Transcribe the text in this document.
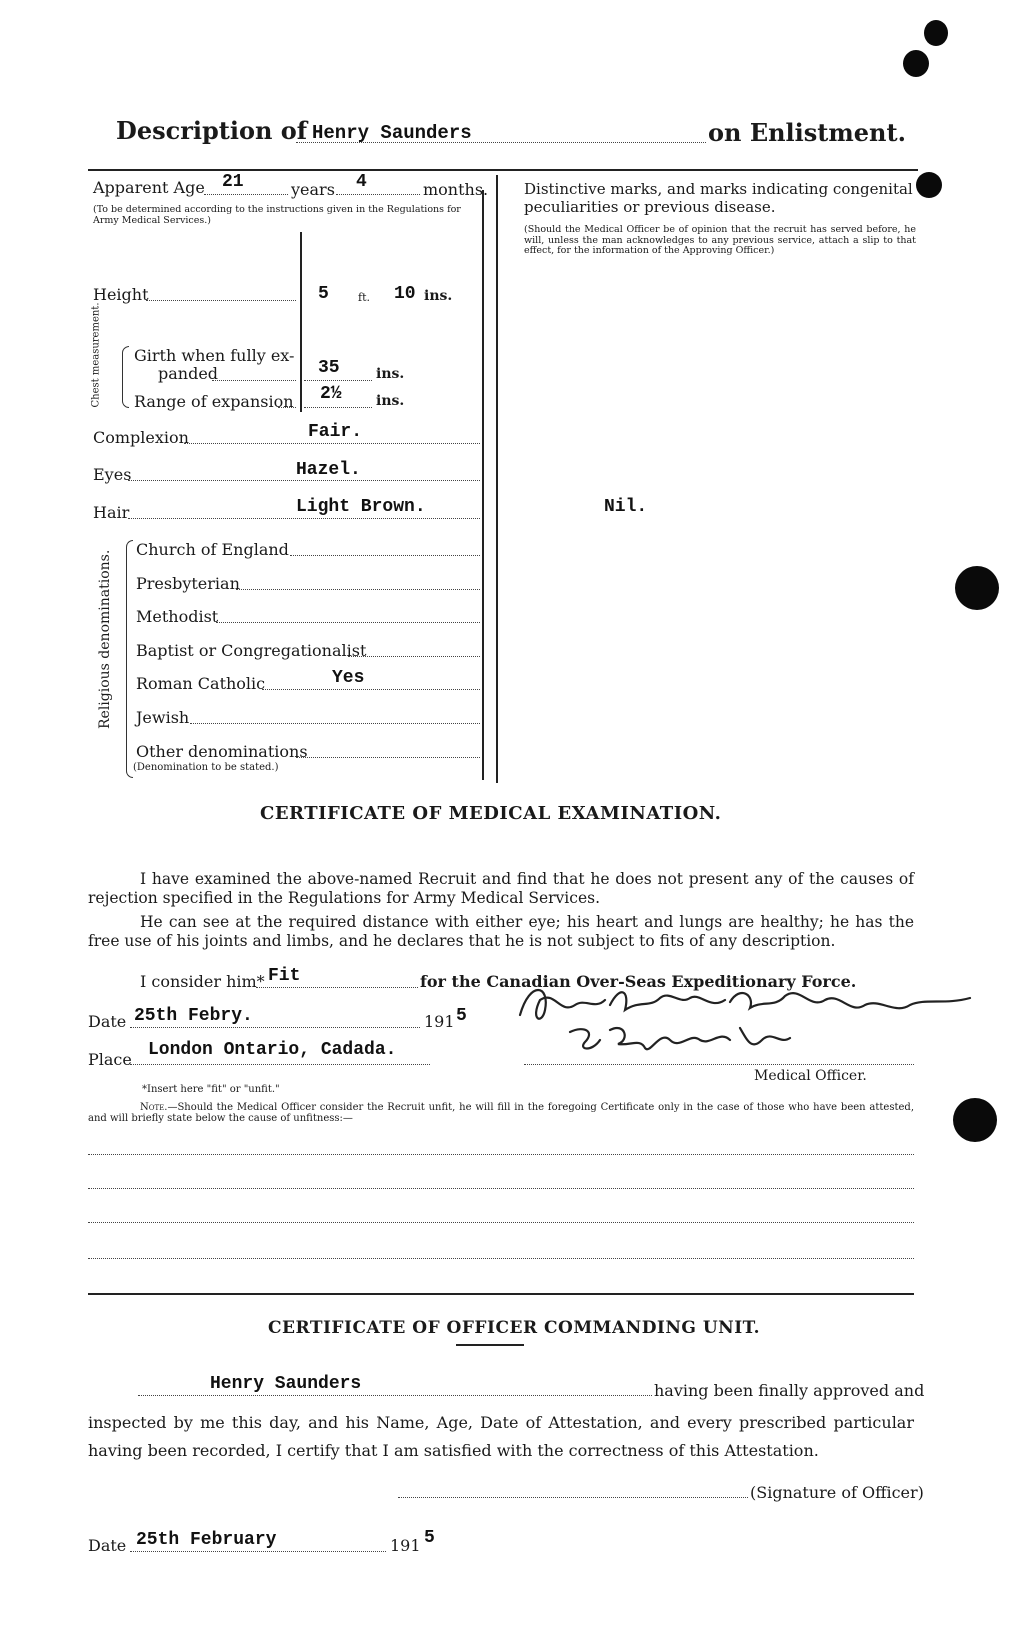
Description of Henry Saunders	on Enlistment.
Apparent Age 21	years 4	months.
(To be determined according to the instructions given in the Regulations for Army Medical Services.)
Height	5	ft. 10 ins.
Chest measurement. Girth when fully ex-
panded	35	ins.
Range of expansion 2½ ins.
Complexion	Fair.
Eyes	Hazel.
Hair	Light Brown.
Religious denominations.
Church of England
Presbyterian
Methodist
Baptist or Congregationalist
Roman Catholic	Yes
Jewish
Other denominations
(Denomination to be stated.)
Distinctive marks, and marks indicating congenital peculiarities or previous disease.
(Should the Medical Officer be of opinion that the recruit has served before, he will, unless the man acknowledges to any previous service, attach a slip to that effect, for the information of the Approving Officer.)
Nil.
CERTIFICATE OF MEDICAL EXAMINATION.
I have examined the above-named Recruit and find that he does not present any of the causes of rejection specified in the Regulations for Army Medical Services.
He can see at the required distance with either eye; his heart and lungs are healthy; he has the free use of his joints and limbs, and he declares that he is not subject to fits of any description.
I consider him* Fit	for the Canadian Over-Seas Expeditionary Force.
Date 25th Febry.	191 5
Place London Ontario, Cadada.
Medical Officer.
*Insert here "fit" or "unfit."
Note.—Should the Medical Officer consider the Recruit unfit, he will fill in the foregoing Certificate only in the case of those who have been attested, and will briefly state below the cause of unfitness:—
CERTIFICATE OF OFFICER COMMANDING UNIT.
Henry Saunders	having been finally approved and
inspected by me this day, and his Name, Age, Date of Attestation, and every prescribed particular having been recorded, I certify that I am satisfied with the correctness of this Attestation.
(Signature of Officer)
Date 25th February	191 5
